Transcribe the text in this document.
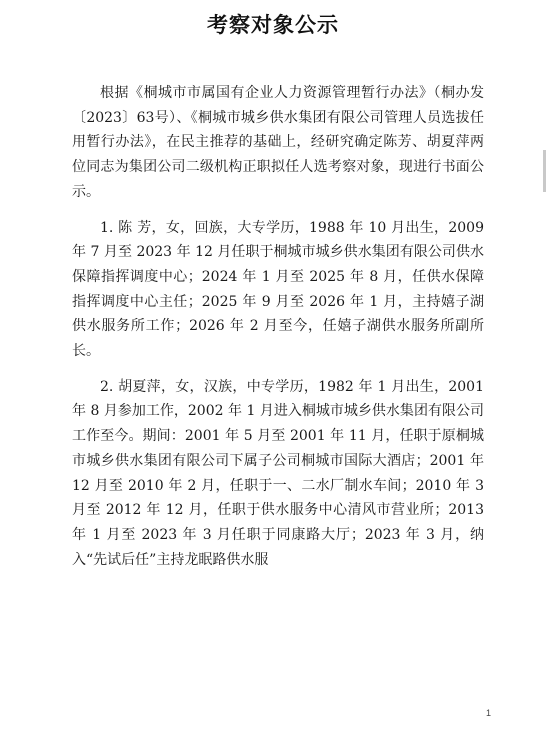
考察对象公示

根据《桐城市市属国有企业人力资源管理暂行办法》（桐办发〔2023〕63号）、《桐城市城乡供水集团有限公司管理人员选拔任用暂行办法》，在民主推荐的基础上，经研究确定陈芳、胡夏萍两位同志为集团公司二级机构正职拟任人选考察对象，现进行书面公示。

1. 陈 芳，女，回族，大专学历，1988 年 10 月出生，2009 年 7 月至 2023 年 12 月任职于桐城市城乡供水集团有限公司供水保障指挥调度中心；2024 年 1 月至 2025 年 8 月，任供水保障指挥调度中心主任；2025 年 9 月至 2026 年 1 月，主持嬉子湖供水服务所工作；2026 年 2 月至今，任嬉子湖供水服务所副所长。

2. 胡夏萍，女，汉族，中专学历，1982 年 1 月出生，2001 年 8 月参加工作，2002 年 1 月进入桐城市城乡供水集团有限公司工作至今。期间：2001 年 5 月至 2001 年 11 月，任职于原桐城市城乡供水集团有限公司下属子公司桐城市国际大酒店；2001 年 12 月至 2010 年 2 月，任职于一、二水厂制水车间；2010 年 3 月至 2012 年 12 月，任职于供水服务中心清风市营业所；2013 年 1 月至 2023 年 3 月任职于同康路大厅；2023 年 3 月，纳入“先试后任”主持龙眠路供水服

1
